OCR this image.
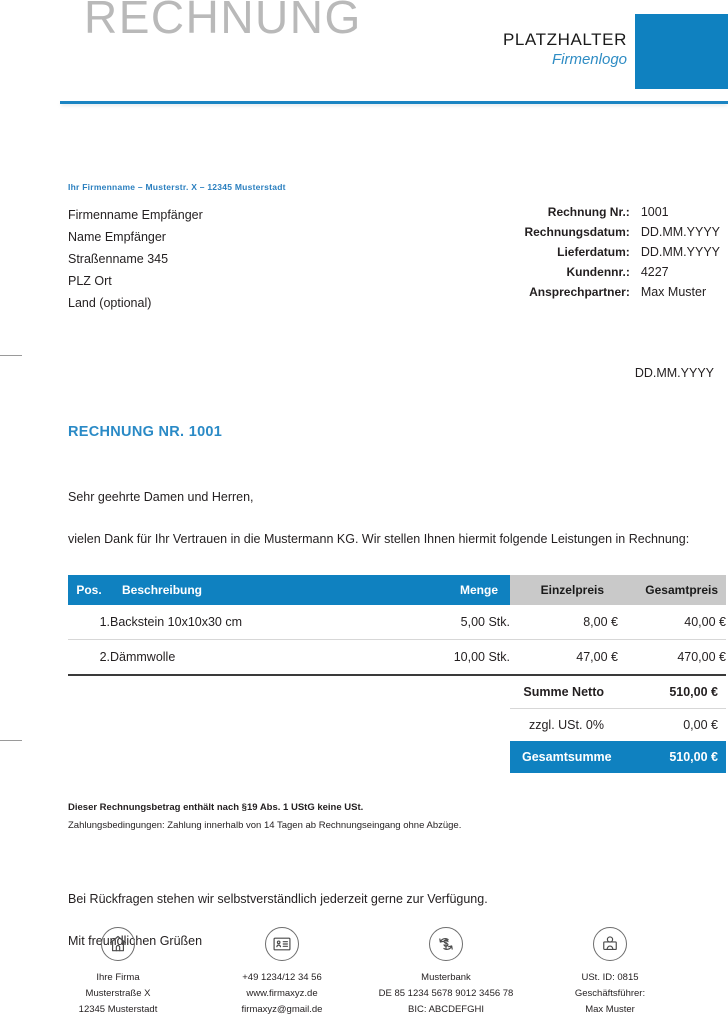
RECHNUNG	PLATZHALTER
Firmenlogo
Ihr Firmenname – Musterstr. X – 12345 Musterstadt
Firmenname Empfänger
Name Empfänger
Straßenname 345
PLZ Ort
Land (optional)
Rechnung Nr.: 1001
Rechnungsdatum: DD.MM.YYYY
Lieferdatum: DD.MM.YYYY
Kundennr.: 4227
Ansprechpartner: Max Muster
DD.MM.YYYY
RECHNUNG NR. 1001
Sehr geehrte Damen und Herren,
vielen Dank für Ihr Vertrauen in die Mustermann KG. Wir stellen Ihnen hiermit folgende Leistungen in Rechnung:
Pos.	Beschreibung	Menge	Einzelpreis	Gesamtpreis
1.	Backstein 10x10x30 cm	5,00 Stk.	8,00 €	40,00 €
2.	Dämmwolle	10,00 Stk.	47,00 €	470,00 €
			Summe Netto	510,00 €
			zzgl. USt. 0%	0,00 €
			Gesamtsumme	510,00 €
Dieser Rechnungsbetrag enthält nach §19 Abs. 1 UStG keine USt.
Zahlungsbedingungen: Zahlung innerhalb von 14 Tagen ab Rechnungseingang ohne Abzüge.
Bei Rückfragen stehen wir selbstverständlich jederzeit gerne zur Verfügung.
Mit freundlichen Grüßen
Ihre Firma
Musterstraße X
12345 Musterstadt
+49 1234/12 34 56
www.firmaxyz.de
firmaxyz@gmail.de
Musterbank
DE 85 1234 5678 9012 3456 78
BIC: ABCDEFGHI
USt. ID: 0815
Geschäftsführer:
Max Muster
